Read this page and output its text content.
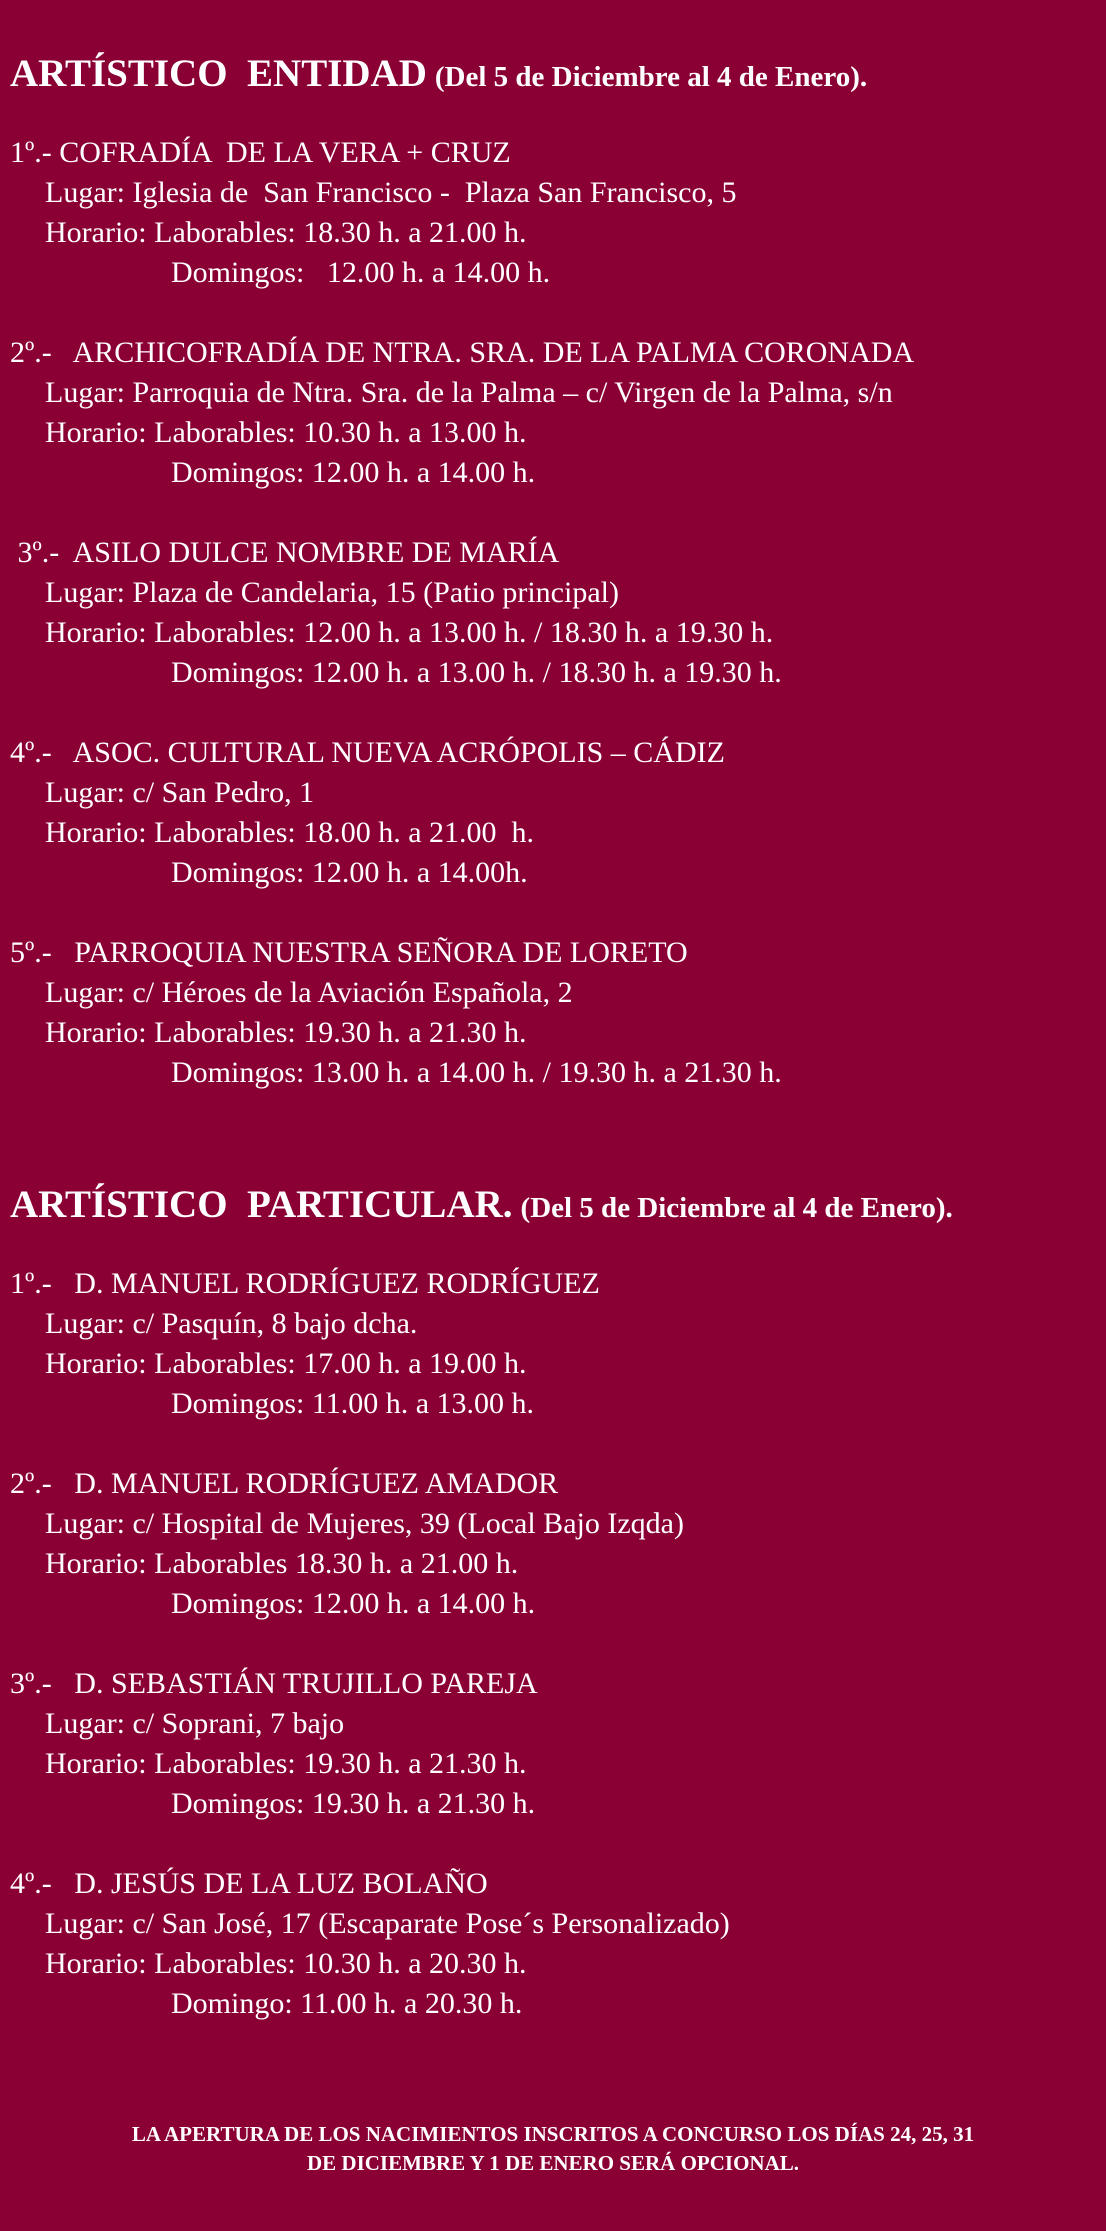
ARTÍSTICO  ENTIDAD (Del 5 de Diciembre al 4 de Enero).
1º.- COFRADÍA  DE LA VERA + CRUZ
Lugar: Iglesia de  San Francisco -  Plaza San Francisco, 5
Horario: Laborables: 18.30 h. a 21.00 h.
Domingos:   12.00 h. a 14.00 h.
2º.-   ARCHICOFRADÍA DE NTRA. SRA. DE LA PALMA CORONADA
Lugar: Parroquia de Ntra. Sra. de la Palma – c/ Virgen de la Palma, s/n
Horario: Laborables: 10.30 h. a 13.00 h.
Domingos: 12.00 h. a 14.00 h.
3º.-  ASILO DULCE NOMBRE DE MARÍA
Lugar: Plaza de Candelaria, 15 (Patio principal)
Horario: Laborables: 12.00 h. a 13.00 h. / 18.30 h. a 19.30 h.
Domingos: 12.00 h. a 13.00 h. / 18.30 h. a 19.30 h.
4º.-   ASOC. CULTURAL NUEVA ACRÓPOLIS – CÁDIZ
Lugar: c/ San Pedro, 1
Horario: Laborables: 18.00 h. a 21.00  h.
Domingos: 12.00 h. a 14.00h.
5º.-   PARROQUIA NUESTRA SEÑORA DE LORETO
Lugar: c/ Héroes de la Aviación Española, 2
Horario: Laborables: 19.30 h. a 21.30 h.
Domingos: 13.00 h. a 14.00 h. / 19.30 h. a 21.30 h.
ARTÍSTICO  PARTICULAR. (Del 5 de Diciembre al 4 de Enero).
1º.-   D. MANUEL RODRÍGUEZ RODRÍGUEZ
Lugar: c/ Pasquín, 8 bajo dcha.
Horario: Laborables: 17.00 h. a 19.00 h.
Domingos: 11.00 h. a 13.00 h.
2º.-   D. MANUEL RODRÍGUEZ AMADOR
Lugar: c/ Hospital de Mujeres, 39 (Local Bajo Izqda)
Horario: Laborables 18.30 h. a 21.00 h.
Domingos: 12.00 h. a 14.00 h.
3º.-   D. SEBASTIÁN TRUJILLO PAREJA
Lugar: c/ Soprani, 7 bajo
Horario: Laborables: 19.30 h. a 21.30 h.
Domingos: 19.30 h. a 21.30 h.
4º.-   D. JESÚS DE LA LUZ BOLAÑO
Lugar: c/ San José, 17 (Escaparate Pose´s Personalizado)
Horario: Laborables: 10.30 h. a 20.30 h.
Domingo: 11.00 h. a 20.30 h.
LA APERTURA DE LOS NACIMIENTOS INSCRITOS A CONCURSO LOS DÍAS 24, 25, 31
DE DICIEMBRE Y 1 DE ENERO SERÁ OPCIONAL.
